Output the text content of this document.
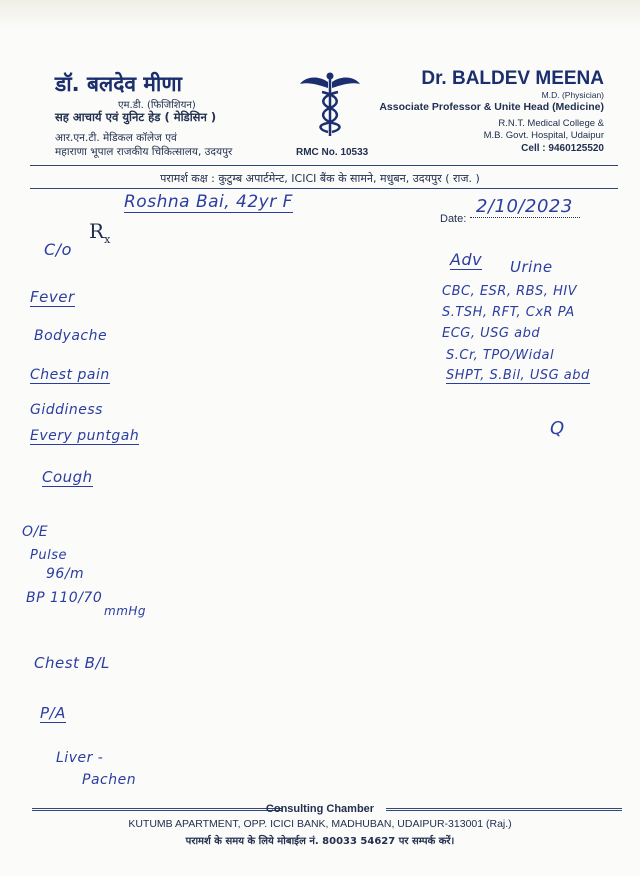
डॉ. बलदेव मीणा
एम.डी. (फिजिशियन)
सह आचार्य एवं युनिट हेड ( मेडिसिन )
आर.एन.टी. मेडिकल कॉलेज एवं
महाराणा भूपाल राजकीय चिकित्सालय, उदयपुर	RMC No. 10533
Dr. BALDEV MEENA
M.D. (Physician)
Associate Professor & Unite Head (Medicine)
R.N.T. Medical College &
M.B. Govt. Hospital, Udaipur
Cell : 9460125520
परामर्श कक्ष : कुटुम्ब अपार्टमेन्ट, ICICI बैंक के सामने, मधुबन, उदयपुर ( राज. )
Roshna Bai, 42yr F
$R_x$
Date:
2/10/2023
C/o
Fever
Bodyache
Chest pain
Giddiness
Every puntgah
Cough
O/E
Pulse
96/m
BP 110/70
mmHg
Chest B/L
P/A
Liver -
Pachen
Adv Urine
CBC, ESR, RBS, HIV
S.TSH, RFT, CxR PA
ECG, USG abd
S.Cr, TPO/Widal
SHPT, S.Bil, USG abd
Q
Consulting Chamber
KUTUMB APARTMENT, OPP. ICICI BANK, MADHUBAN, UDAIPUR-313001 (Raj.)
परामर्श के समय के लिये मोबाईल नं. 80033 54627 पर सम्पर्क करें।
